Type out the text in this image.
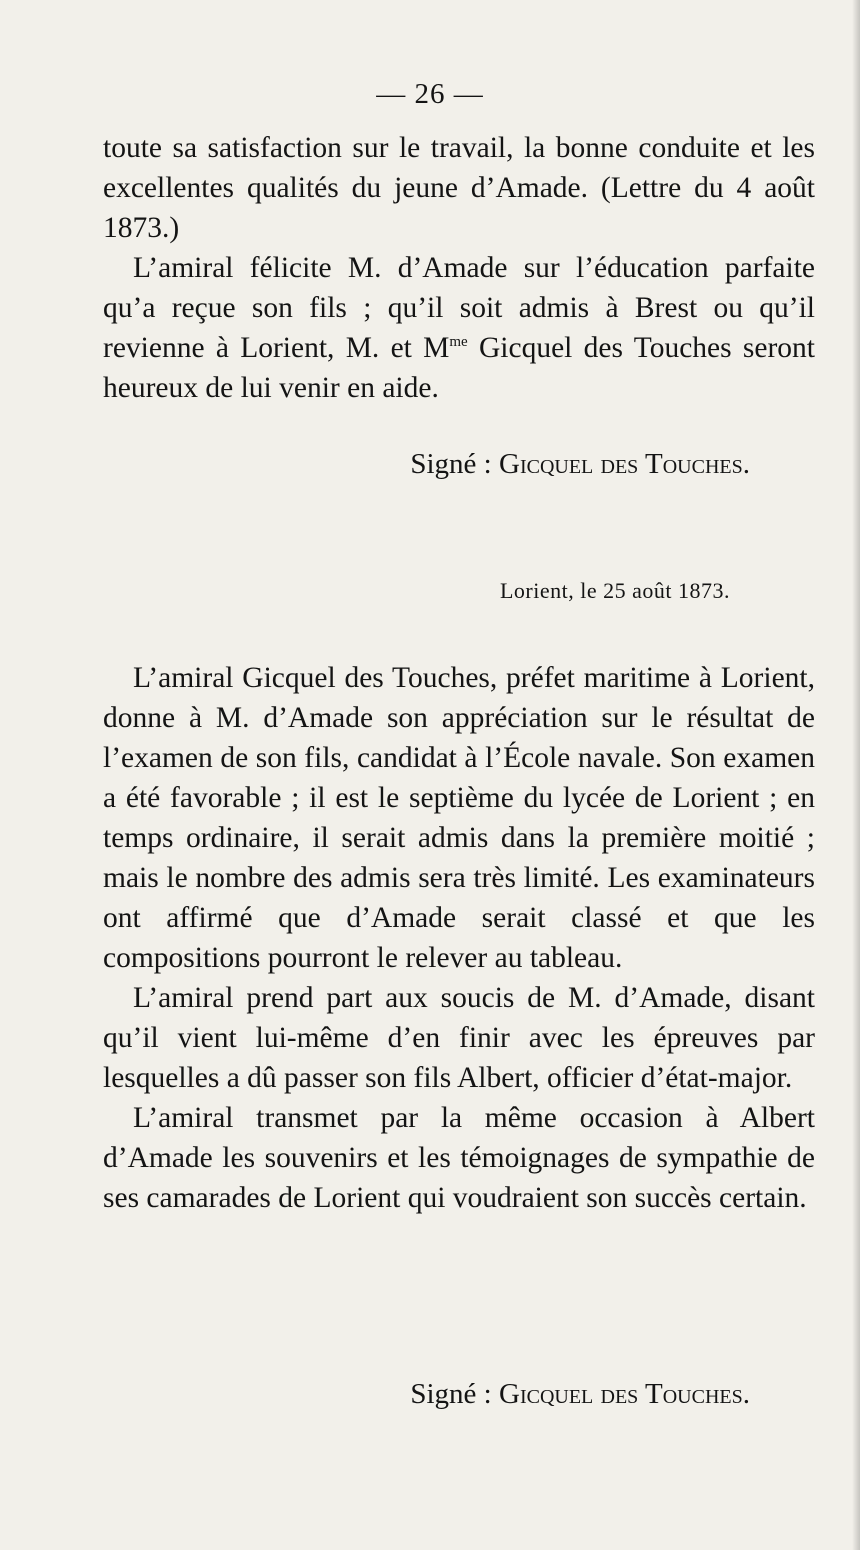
— 26 —

toute sa satisfaction sur le travail, la bonne conduite et les excellentes qualités du jeune d’Amade. (Lettre du 4 août 1873.)

L’amiral félicite M. d’Amade sur l’éducation parfaite qu’a reçue son fils ; qu’il soit admis à Brest ou qu’il revienne à Lorient, M. et $M^{me}$ Gicquel des Touches seront heureux de lui venir en aide.

Signé : Gicquel des Touches.
Lorient, le 25 août 1873.

L’amiral Gicquel des Touches, préfet maritime à Lorient, donne à M. d’Amade son appréciation sur le résultat de l’examen de son fils, candidat à l’École navale. Son examen a été favorable ; il est le septième du lycée de Lorient ; en temps ordinaire, il serait admis dans la première moitié ; mais le nombre des admis sera très limité. Les examinateurs ont affirmé que d’Amade serait classé et que les compositions pourront le relever au tableau.

L’amiral prend part aux soucis de M. d’Amade, disant qu’il vient lui-même d’en finir avec les épreuves par lesquelles a dû passer son fils Albert, officier d’état-major.

L’amiral transmet par la même occasion à Albert d’Amade les souvenirs et les témoignages de sympathie de ses camarades de Lorient qui voudraient son succès certain.

Signé : Gicquel des Touches.
